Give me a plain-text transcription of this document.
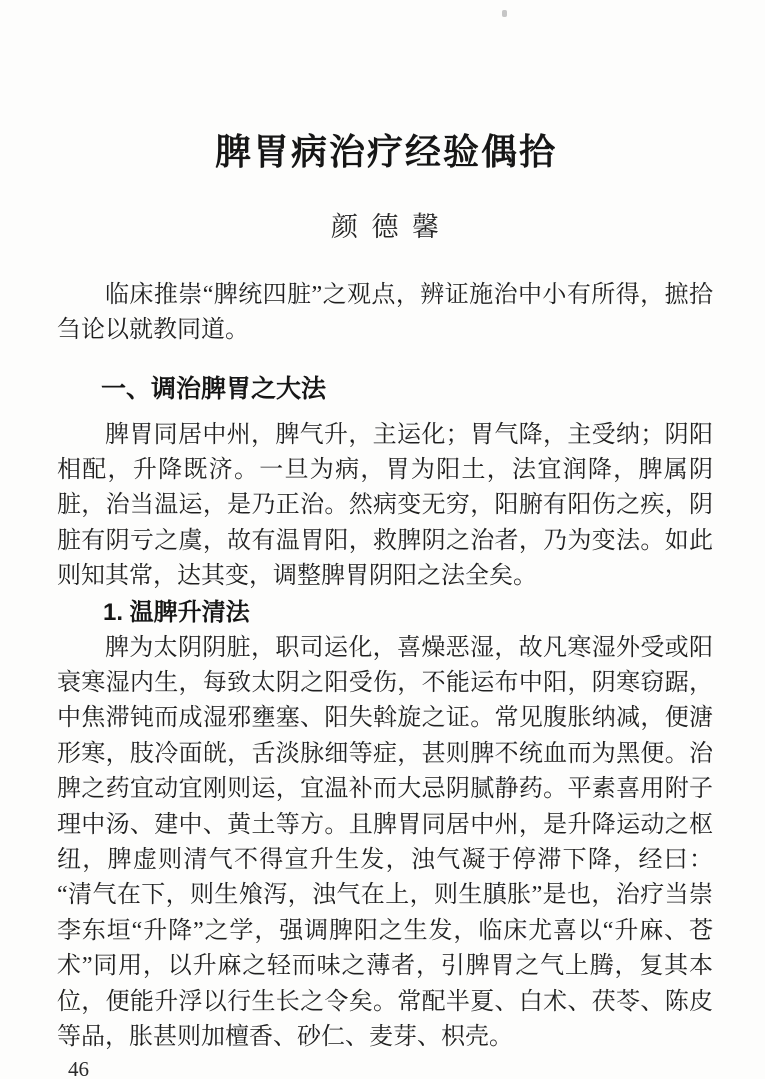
脾胃病治疗经验偶拾
颜德馨

临床推崇“脾统四脏”之观点，辨证施治中小有所得，摭拾刍论以就教同道。

一、调治脾胃之大法

脾胃同居中州，脾气升，主运化；胃气降，主受纳；阴阳相配，升降既济。一旦为病，胃为阳土，法宜润降，脾属阴脏，治当温运，是乃正治。然病变无穷，阳腑有阳伤之疾，阴脏有阴亏之虞，故有温胃阳，救脾阴之治者，乃为变法。如此则知其常，达其变，调整脾胃阴阳之法全矣。

1. 温脾升清法

脾为太阴阴脏，职司运化，喜燥恶湿，故凡寒湿外受或阳衰寒湿内生，每致太阴之阳受伤，不能运布中阳，阴寒窃踞，中焦滞钝而成湿邪壅塞、阳失斡旋之证。常见腹胀纳减，便溏形寒，肢冷面㿠，舌淡脉细等症，甚则脾不统血而为黑便。治脾之药宜动宜刚则运，宜温补而大忌阴腻静药。平素喜用附子理中汤、建中、黄土等方。且脾胃同居中州，是升降运动之枢纽，脾虚则清气不得宣升生发，浊气凝于停滞下降，经曰：“清气在下，则生飧泻，浊气在上，则生䐜胀”是也，治疗当崇李东垣“升降”之学，强调脾阳之生发，临床尤喜以“升麻、苍术”同用，以升麻之轻而味之薄者，引脾胃之气上腾，复其本位，便能升浮以行生长之令矣。常配半夏、白术、茯苓、陈皮等品，胀甚则加檀香、砂仁、麦芽、枳壳。

46
